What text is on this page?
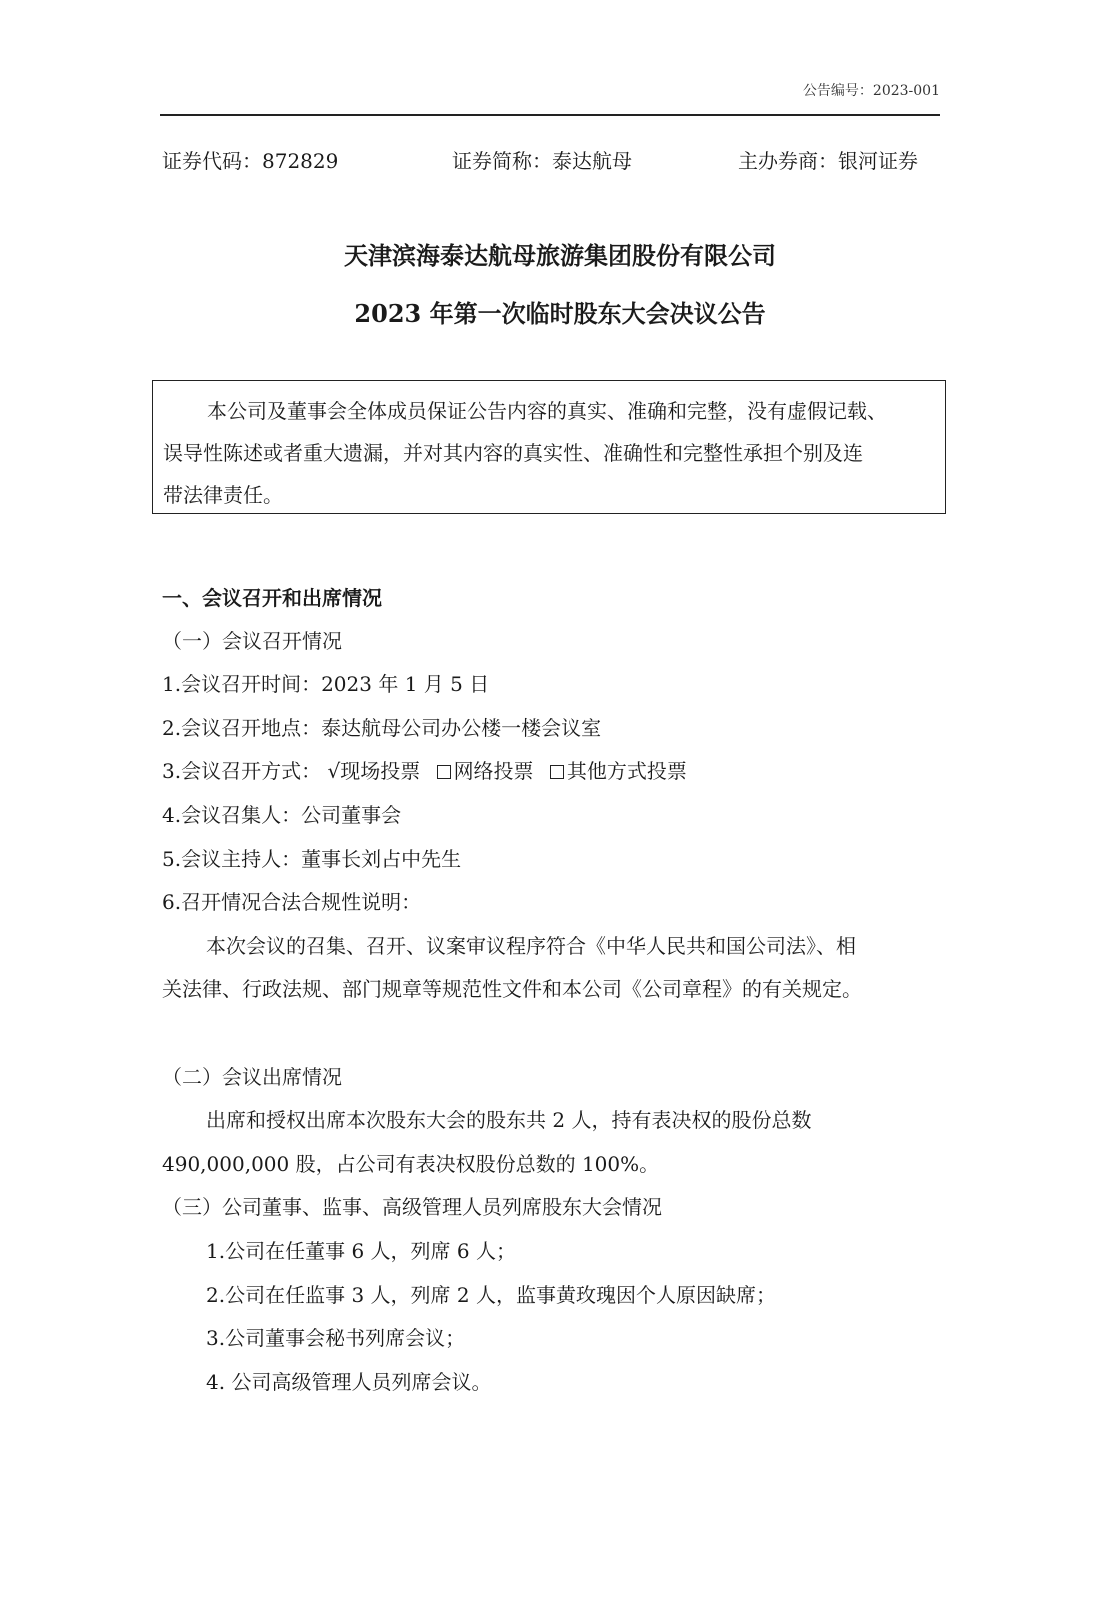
公告编号：2023-001
证券代码：872829	证券简称：泰达航母	主办券商：银河证券
天津滨海泰达航母旅游集团股份有限公司
2023 年第一次临时股东大会决议公告
本公司及董事会全体成员保证公告内容的真实、准确和完整，没有虚假记载、
误导性陈述或者重大遗漏，并对其内容的真实性、准确性和完整性承担个别及连
带法律责任。
一、会议召开和出席情况
（一）会议召开情况
1.会议召开时间：2023 年 1 月 5 日
2.会议召开地点：泰达航母公司办公楼一楼会议室
3.会议召开方式： √现场投票 网络投票 其他方式投票
4.会议召集人：公司董事会
5.会议主持人：董事长刘占中先生
6.召开情况合法合规性说明：
本次会议的召集、召开、议案审议程序符合《中华人民共和国公司法》、相
关法律、行政法规、部门规章等规范性文件和本公司《公司章程》的有关规定。
（二）会议出席情况
出席和授权出席本次股东大会的股东共 2 人，持有表决权的股份总数
490,000,000 股，占公司有表决权股份总数的 100%。
（三）公司董事、监事、高级管理人员列席股东大会情况
1.公司在任董事 6 人，列席 6 人；
2.公司在任监事 3 人，列席 2 人，监事黄玫瑰因个人原因缺席；
3.公司董事会秘书列席会议；
4. 公司高级管理人员列席会议。
